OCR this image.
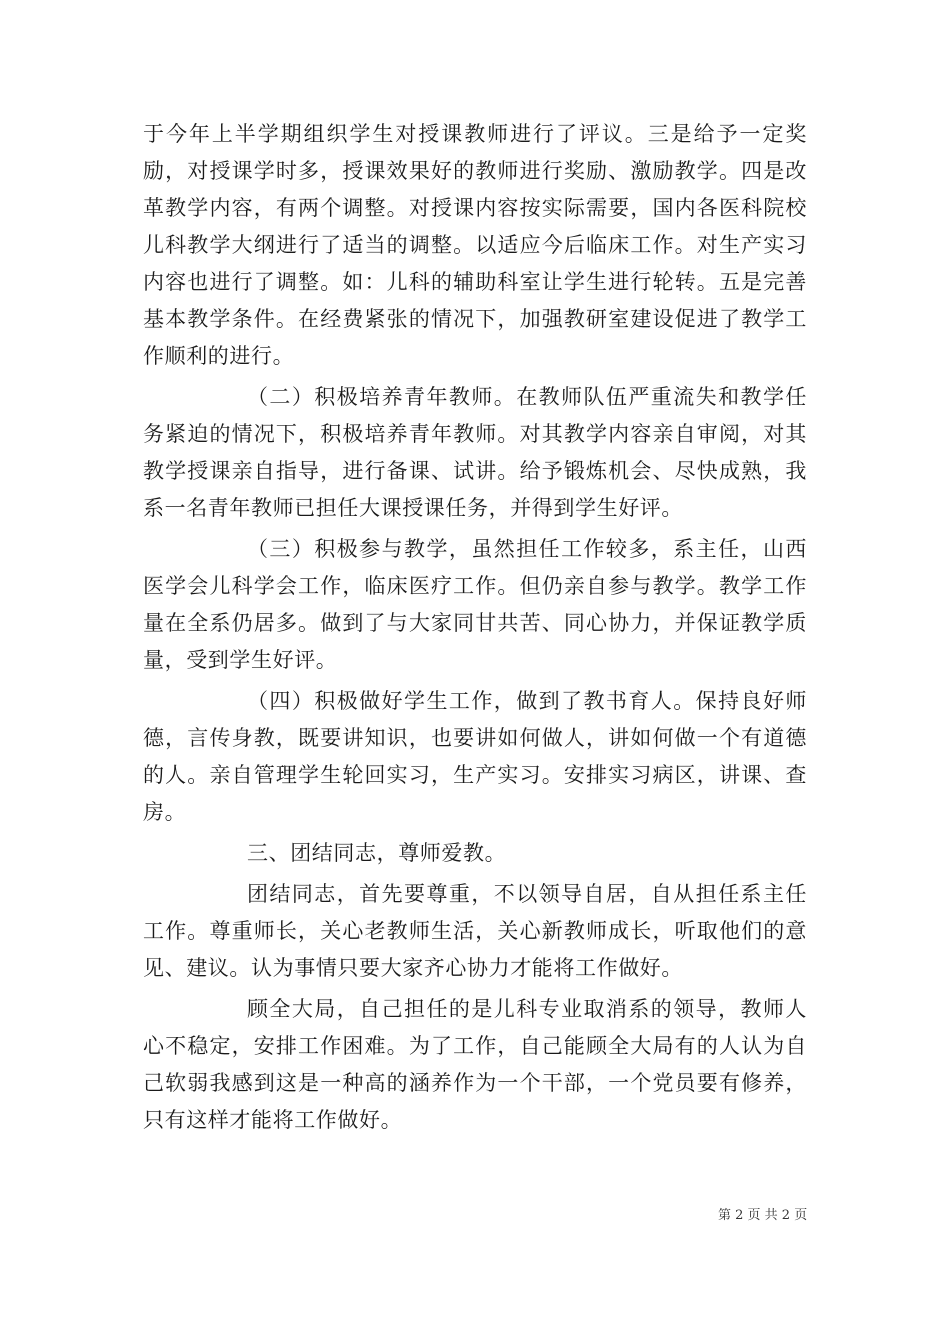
于今年上半学期组织学生对授课教师进行了评议。三是给予一定奖励，对授课学时多，授课效果好的教师进行奖励、激励教学。四是改革教学内容，有两个调整。对授课内容按实际需要，国内各医科院校儿科教学大纲进行了适当的调整。以适应今后临床工作。对生产实习内容也进行了调整。如：儿科的辅助科室让学生进行轮转。五是完善基本教学条件。在经费紧张的情况下，加强教研室建设促进了教学工作顺利的进行。

（二）积极培养青年教师。在教师队伍严重流失和教学任务紧迫的情况下，积极培养青年教师。对其教学内容亲自审阅，对其教学授课亲自指导，进行备课、试讲。给予锻炼机会、尽快成熟，我系一名青年教师已担任大课授课任务，并得到学生好评。

（三）积极参与教学，虽然担任工作较多，系主任，山西医学会儿科学会工作，临床医疗工作。但仍亲自参与教学。教学工作量在全系仍居多。做到了与大家同甘共苦、同心协力，并保证教学质量，受到学生好评。

（四）积极做好学生工作，做到了教书育人。保持良好师德，言传身教，既要讲知识，也要讲如何做人，讲如何做一个有道德的人。亲自管理学生轮回实习，生产实习。安排实习病区，讲课、查房。

三、团结同志，尊师爱教。

团结同志，首先要尊重，不以领导自居，自从担任系主任工作。尊重师长，关心老教师生活，关心新教师成长，听取他们的意见、建议。认为事情只要大家齐心协力才能将工作做好。

顾全大局，自己担任的是儿科专业取消系的领导，教师人心不稳定，安排工作困难。为了工作，自己能顾全大局有的人认为自己软弱我感到这是一种高的涵养作为一个干部，一个党员要有修养，只有这样才能将工作做好。

第 2 页 共 2 页
